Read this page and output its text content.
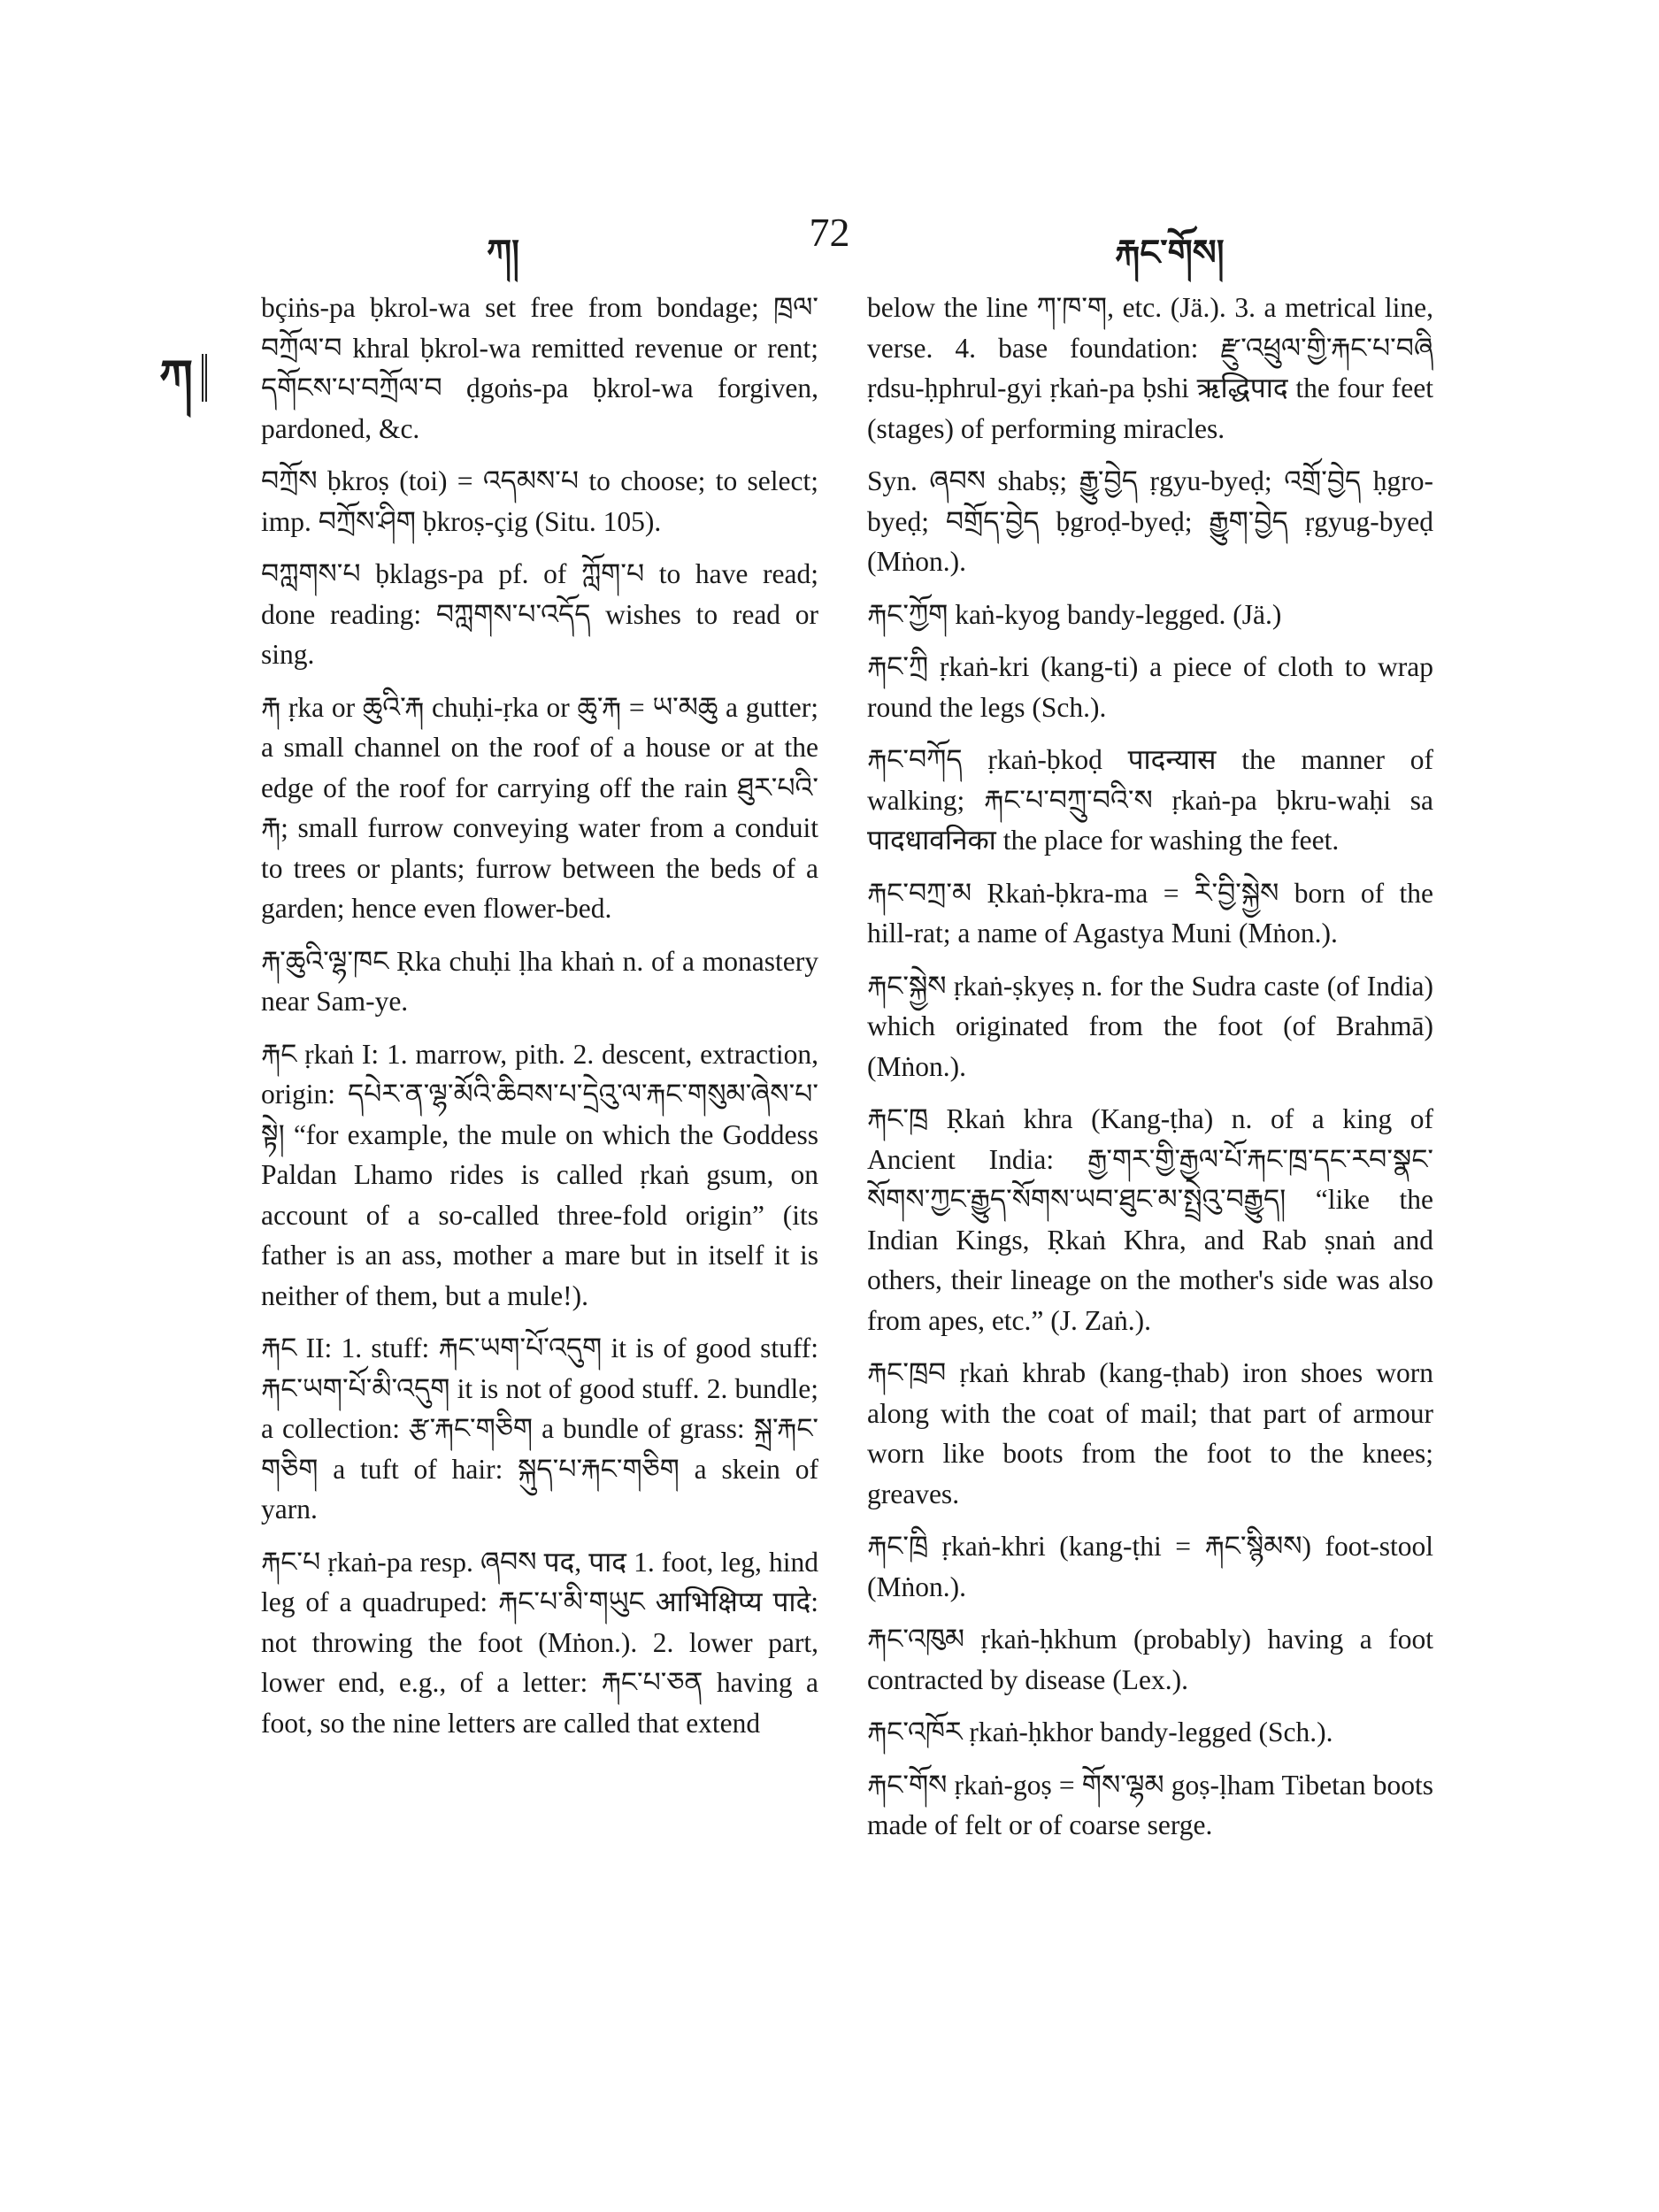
ཀ།	72	རྐང་གོས།
ཀ

bçiṅs-pa ḅkrol-wa set free from bondage; ཁྲལ་བཀྲོལ་བ khral ḅkrol-wa remitted revenue or rent; དགོངས་པ་བཀྲོལ་བ ḍgoṅs-pa ḅkrol-wa forgiven, pardoned, &c.

བཀྲོས ḅkroṣ (toi) = འདམས་པ to choose; to select; imp. བཀྲོས་ཤིག ḅkroṣ-çig (Situ. 105).

བཀླགས་པ ḅklags-pa pf. of ཀློག་པ to have read; done reading: བཀླགས་པ་འདོད wishes to read or sing.

རྐ ṛka or ཆུའི་རྐ chuḥi-ṛka or ཆུ་རྐ = ཡ་མཆུ a gutter; a small channel on the roof of a house or at the edge of the roof for carrying off the rain ཐུར་པའི་རྐ; small furrow conveying water from a conduit to trees or plants; furrow between the beds of a garden; hence even flower-bed.

རྐ་ཆུའི་ལྷ་ཁང Ṛka chuḥi ḷha khaṅ n. of a monastery near Sam-ye.

རྐང ṛkaṅ I: 1. marrow, pith. 2. descent, extraction, origin: དཔེར་ན་ལྷ་མོའི་ཆིབས་པ་དྲེའུ་ལ་རྐང་གསུམ་ཞེས་པ་སྟེ། “for example, the mule on which the Goddess Paldan Lhamo rides is called ṛkaṅ gsum, on account of a so-called three-fold origin” (its father is an ass, mother a mare but in itself it is neither of them, but a mule!).

རྐང II: 1. stuff: རྐང་ཡག་པོ་འདུག it is of good stuff: རྐང་ཡག་པོ་མི་འདུག it is not of good stuff. 2. bundle; a collection: རྩ་རྐང་གཅིག a bundle of grass: སྐྲ་རྐང་གཅིག a tuft of hair: སྐུད་པ་རྐང་གཅིག a skein of yarn.

རྐང་པ ṛkaṅ-pa resp. ཞབས पद, पाद 1. foot, leg, hind leg of a quadruped: རྐང་པ་མི་གཡུང आभिक्षिप्य पादे: not throwing the foot (Mṅon.). 2. lower part, lower end, e.g., of a letter: རྐང་པ་ཅན having a foot, so the nine letters are called that extend

below the line ཀ་ཁ་ག, etc. (Jä.). 3. a metrical line, verse. 4. base foundation: རྫུ་འཕྲུལ་གྱི་རྐང་པ་བཞི ṛdsu-ḥphrul-gyi ṛkaṅ-pa ḅshi ऋद्धिपाद the four feet (stages) of performing miracles.

Syn. ཞབས shabṣ; རྒྱུ་བྱེད ṛgyu-byeḍ; འགྲོ་བྱེད ḥgro-byeḍ; བགྲོད་བྱེད ḅgroḍ-byeḍ; རྒྱུག་བྱེད ṛgyug-byeḍ (Mṅon.).

རྐང་ཀྱོག kaṅ-kyog bandy-legged. (Jä.)

རྐང་ཀྲི ṛkaṅ-kri (kang-ti) a piece of cloth to wrap round the legs (Sch.).

རྐང་བཀོད ṛkaṅ-ḅkoḍ पादन्यास the manner of walking; རྐང་པ་བཀྲུ་བའི་ས ṛkaṅ-pa ḅkru-waḥi sa पादधावनिका the place for washing the feet.

རྐང་བཀྲ་མ Ṛkaṅ-ḅkra-ma = རི་བྱི་སྐྱེས born of the hill-rat; a name of Agastya Muni (Mṅon.).

རྐང་སྐྱེས ṛkaṅ-ṣkyeṣ n. for the Sudra caste (of India) which originated from the foot (of Brahmā) (Mṅon.).

རྐང་ཁྲ Ṛkaṅ khra (Kang-ṭha) n. of a king of Ancient India: རྒྱ་གར་གྱི་རྒྱལ་པོ་རྐང་ཁྲ་དང་རབ་སྣང་སོགས་ཀྱང་རྒྱུད་སོགས་ཡབ་ཐུང་མ་སྤྲེའུ་བརྒྱུད། “like the Indian Kings, Ṛkaṅ Khra, and Rab ṣnaṅ and others, their lineage on the mother's side was also from apes, etc.” (J. Zaṅ.).

རྐང་ཁྲབ ṛkaṅ khrab (kang-ṭhab) iron shoes worn along with the coat of mail; that part of armour worn like boots from the foot to the knees; greaves.

རྐང་ཁྲི ṛkaṅ-khri (kang-ṭhi = རྐང་སྙིམས) foot-stool (Mṅon.).

རྐང་འཁུམ ṛkaṅ-ḥkhum (probably) having a foot contracted by disease (Lex.).

རྐང་འཁོར ṛkaṅ-ḥkhor bandy-legged (Sch.).

རྐང་གོས ṛkaṅ-goṣ = གོས་ལྷམ goṣ-ḷham Tibetan boots made of felt or of coarse serge.
